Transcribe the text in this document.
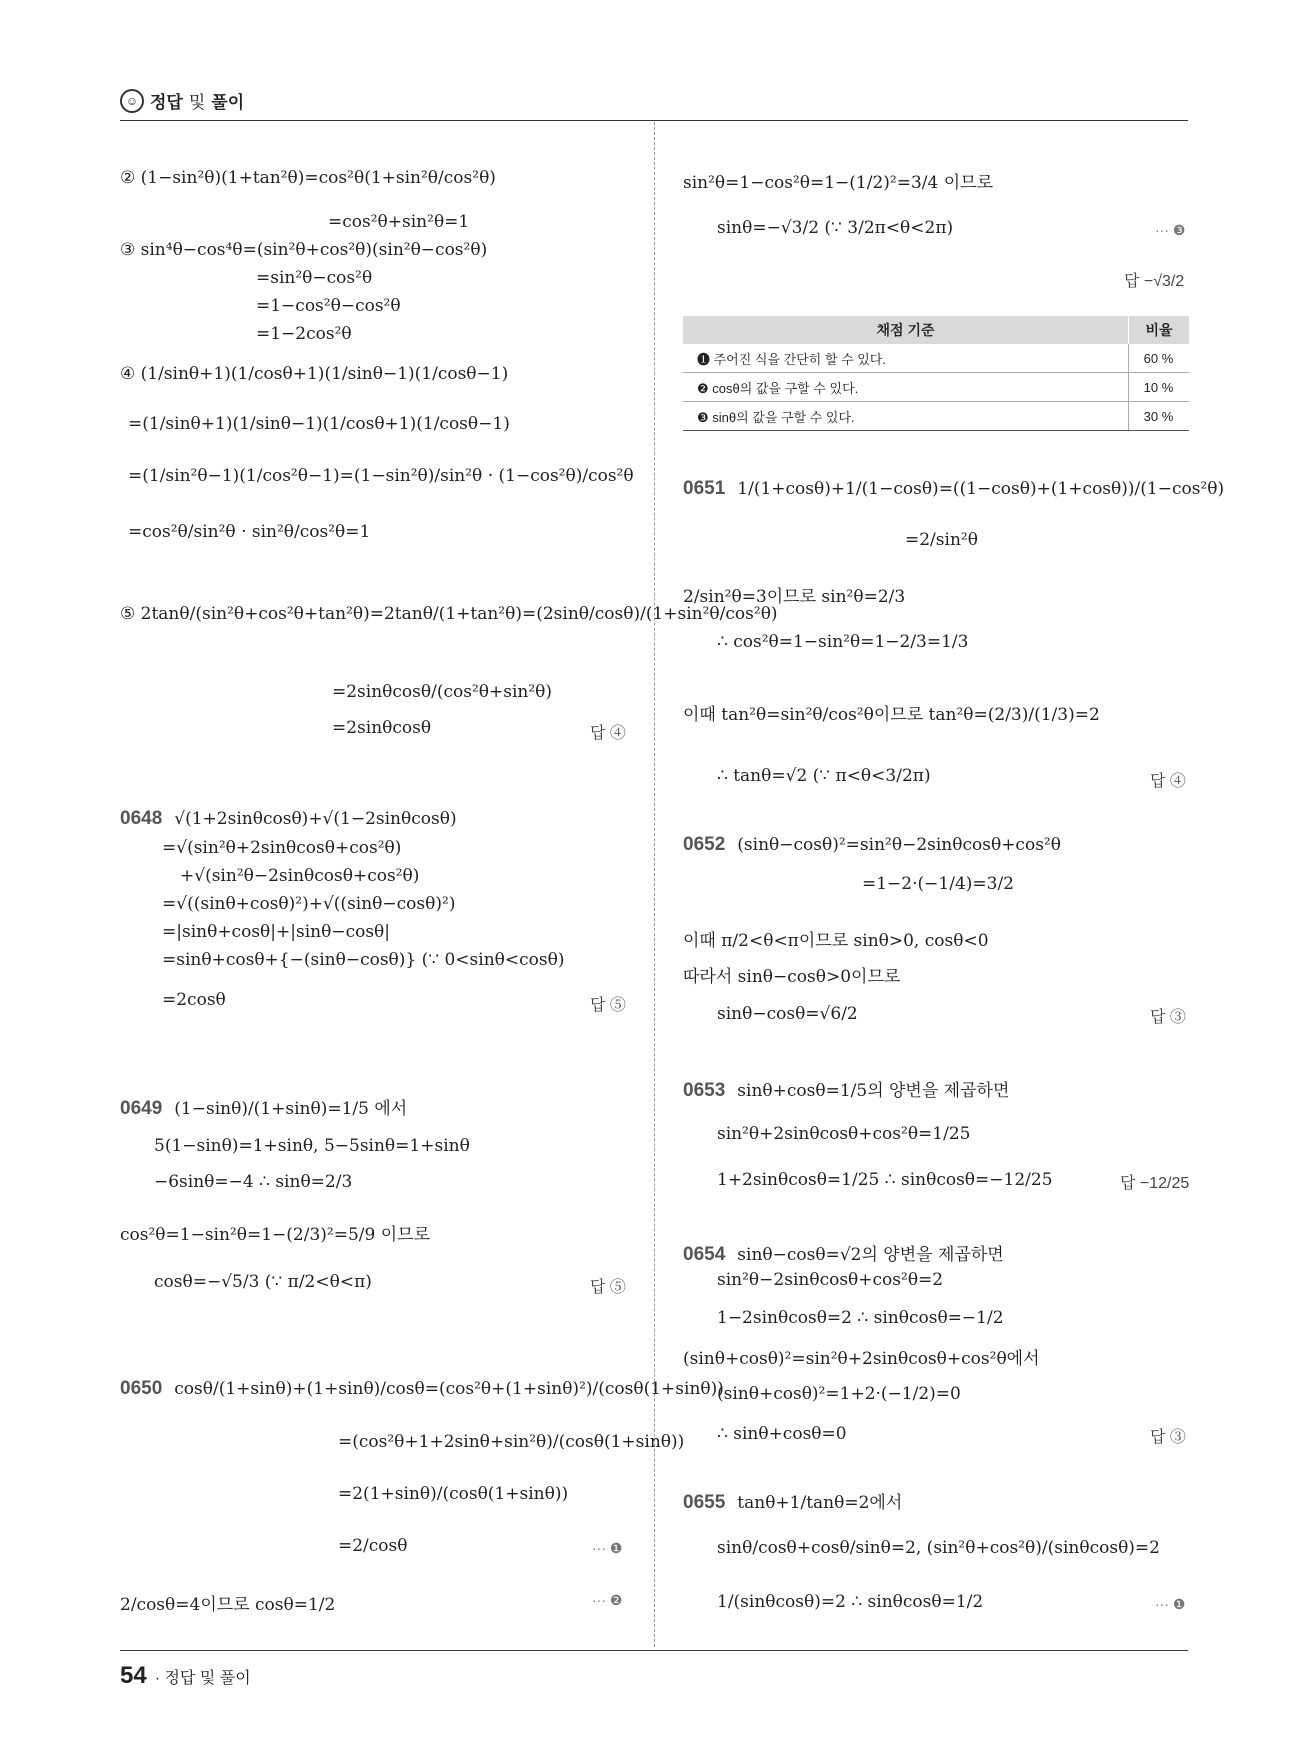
☺ 정답 및 풀이
② (1−sin²θ)(1+tan²θ)=cos²θ(1+sin²θ/cos²θ)
=cos²θ+sin²θ=1
③ sin⁴θ−cos⁴θ=(sin²θ+cos²θ)(sin²θ−cos²θ)
=sin²θ−cos²θ
=1−cos²θ−cos²θ
=1−2cos²θ
④ (1/sinθ+1)(1/cosθ+1)(1/sinθ−1)(1/cosθ−1)
=(1/sinθ+1)(1/sinθ−1)(1/cosθ+1)(1/cosθ−1)
=(1/sin²θ−1)(1/cos²θ−1)=(1−sin²θ)/sin²θ · (1−cos²θ)/cos²θ
=cos²θ/sin²θ · sin²θ/cos²θ=1
⑤ 2tanθ/(sin²θ+cos²θ+tan²θ)=2tanθ/(1+tan²θ)=(2sinθ/cosθ)/(1+sin²θ/cos²θ)
=2sinθcosθ/(cos²θ+sin²θ)
=2sinθcosθ	답 ④
0648 √(1+2sinθcosθ)+√(1−2sinθcosθ)
=√(sin²θ+2sinθcosθ+cos²θ)
+√(sin²θ−2sinθcosθ+cos²θ)
=√((sinθ+cosθ)²)+√((sinθ−cosθ)²)
=|sinθ+cosθ|+|sinθ−cosθ|
=sinθ+cosθ+{−(sinθ−cosθ)} (∵ 0<sinθ<cosθ)
=2cosθ	답 ⑤
0649 (1−sinθ)/(1+sinθ)=1/5 에서
5(1−sinθ)=1+sinθ, 5−5sinθ=1+sinθ
−6sinθ=−4 ∴ sinθ=2/3
cos²θ=1−sin²θ=1−(2/3)²=5/9 이므로
cosθ=−√5/3 (∵ π/2<θ<π)	답 ⑤
0650 cosθ/(1+sinθ)+(1+sinθ)/cosθ=(cos²θ+(1+sinθ)²)/(cosθ(1+sinθ))
=(cos²θ+1+2sinθ+sin²θ)/(cosθ(1+sinθ))
=2(1+sinθ)/(cosθ(1+sinθ))
=2/cosθ	··· ❶
2/cosθ=4이므로 cosθ=1/2	··· ❷
sin²θ=1−cos²θ=1−(1/2)²=3/4 이므로
sinθ=−√3/2 (∵ 3/2π<θ<2π)	··· ❸
답 −√3/2
채점 기준	비율
❶ 주어진 식을 간단히 할 수 있다.	60 %
❷ cosθ의 값을 구할 수 있다.	10 %
❸ sinθ의 값을 구할 수 있다.	30 %
0651 1/(1+cosθ)+1/(1−cosθ)=((1−cosθ)+(1+cosθ))/(1−cos²θ)
=2/sin²θ
2/sin²θ=3이므로 sin²θ=2/3
∴ cos²θ=1−sin²θ=1−2/3=1/3
이때 tan²θ=sin²θ/cos²θ이므로 tan²θ=(2/3)/(1/3)=2
∴ tanθ=√2 (∵ π<θ<3/2π)	답 ④
0652 (sinθ−cosθ)²=sin²θ−2sinθcosθ+cos²θ
=1−2·(−1/4)=3/2
이때 π/2<θ<π이므로 sinθ>0, cosθ<0
따라서 sinθ−cosθ>0이므로
sinθ−cosθ=√6/2	답 ③
0653 sinθ+cosθ=1/5의 양변을 제곱하면
sin²θ+2sinθcosθ+cos²θ=1/25
1+2sinθcosθ=1/25 ∴ sinθcosθ=−12/25	답 −12/25
0654 sinθ−cosθ=√2의 양변을 제곱하면
sin²θ−2sinθcosθ+cos²θ=2
1−2sinθcosθ=2 ∴ sinθcosθ=−1/2
(sinθ+cosθ)²=sin²θ+2sinθcosθ+cos²θ에서
(sinθ+cosθ)²=1+2·(−1/2)=0
∴ sinθ+cosθ=0	답 ③
0655 tanθ+1/tanθ=2에서
sinθ/cosθ+cosθ/sinθ=2, (sin²θ+cos²θ)/(sinθcosθ)=2
1/(sinθcosθ)=2 ∴ sinθcosθ=1/2	··· ❶
54 · 정답 및 풀이
